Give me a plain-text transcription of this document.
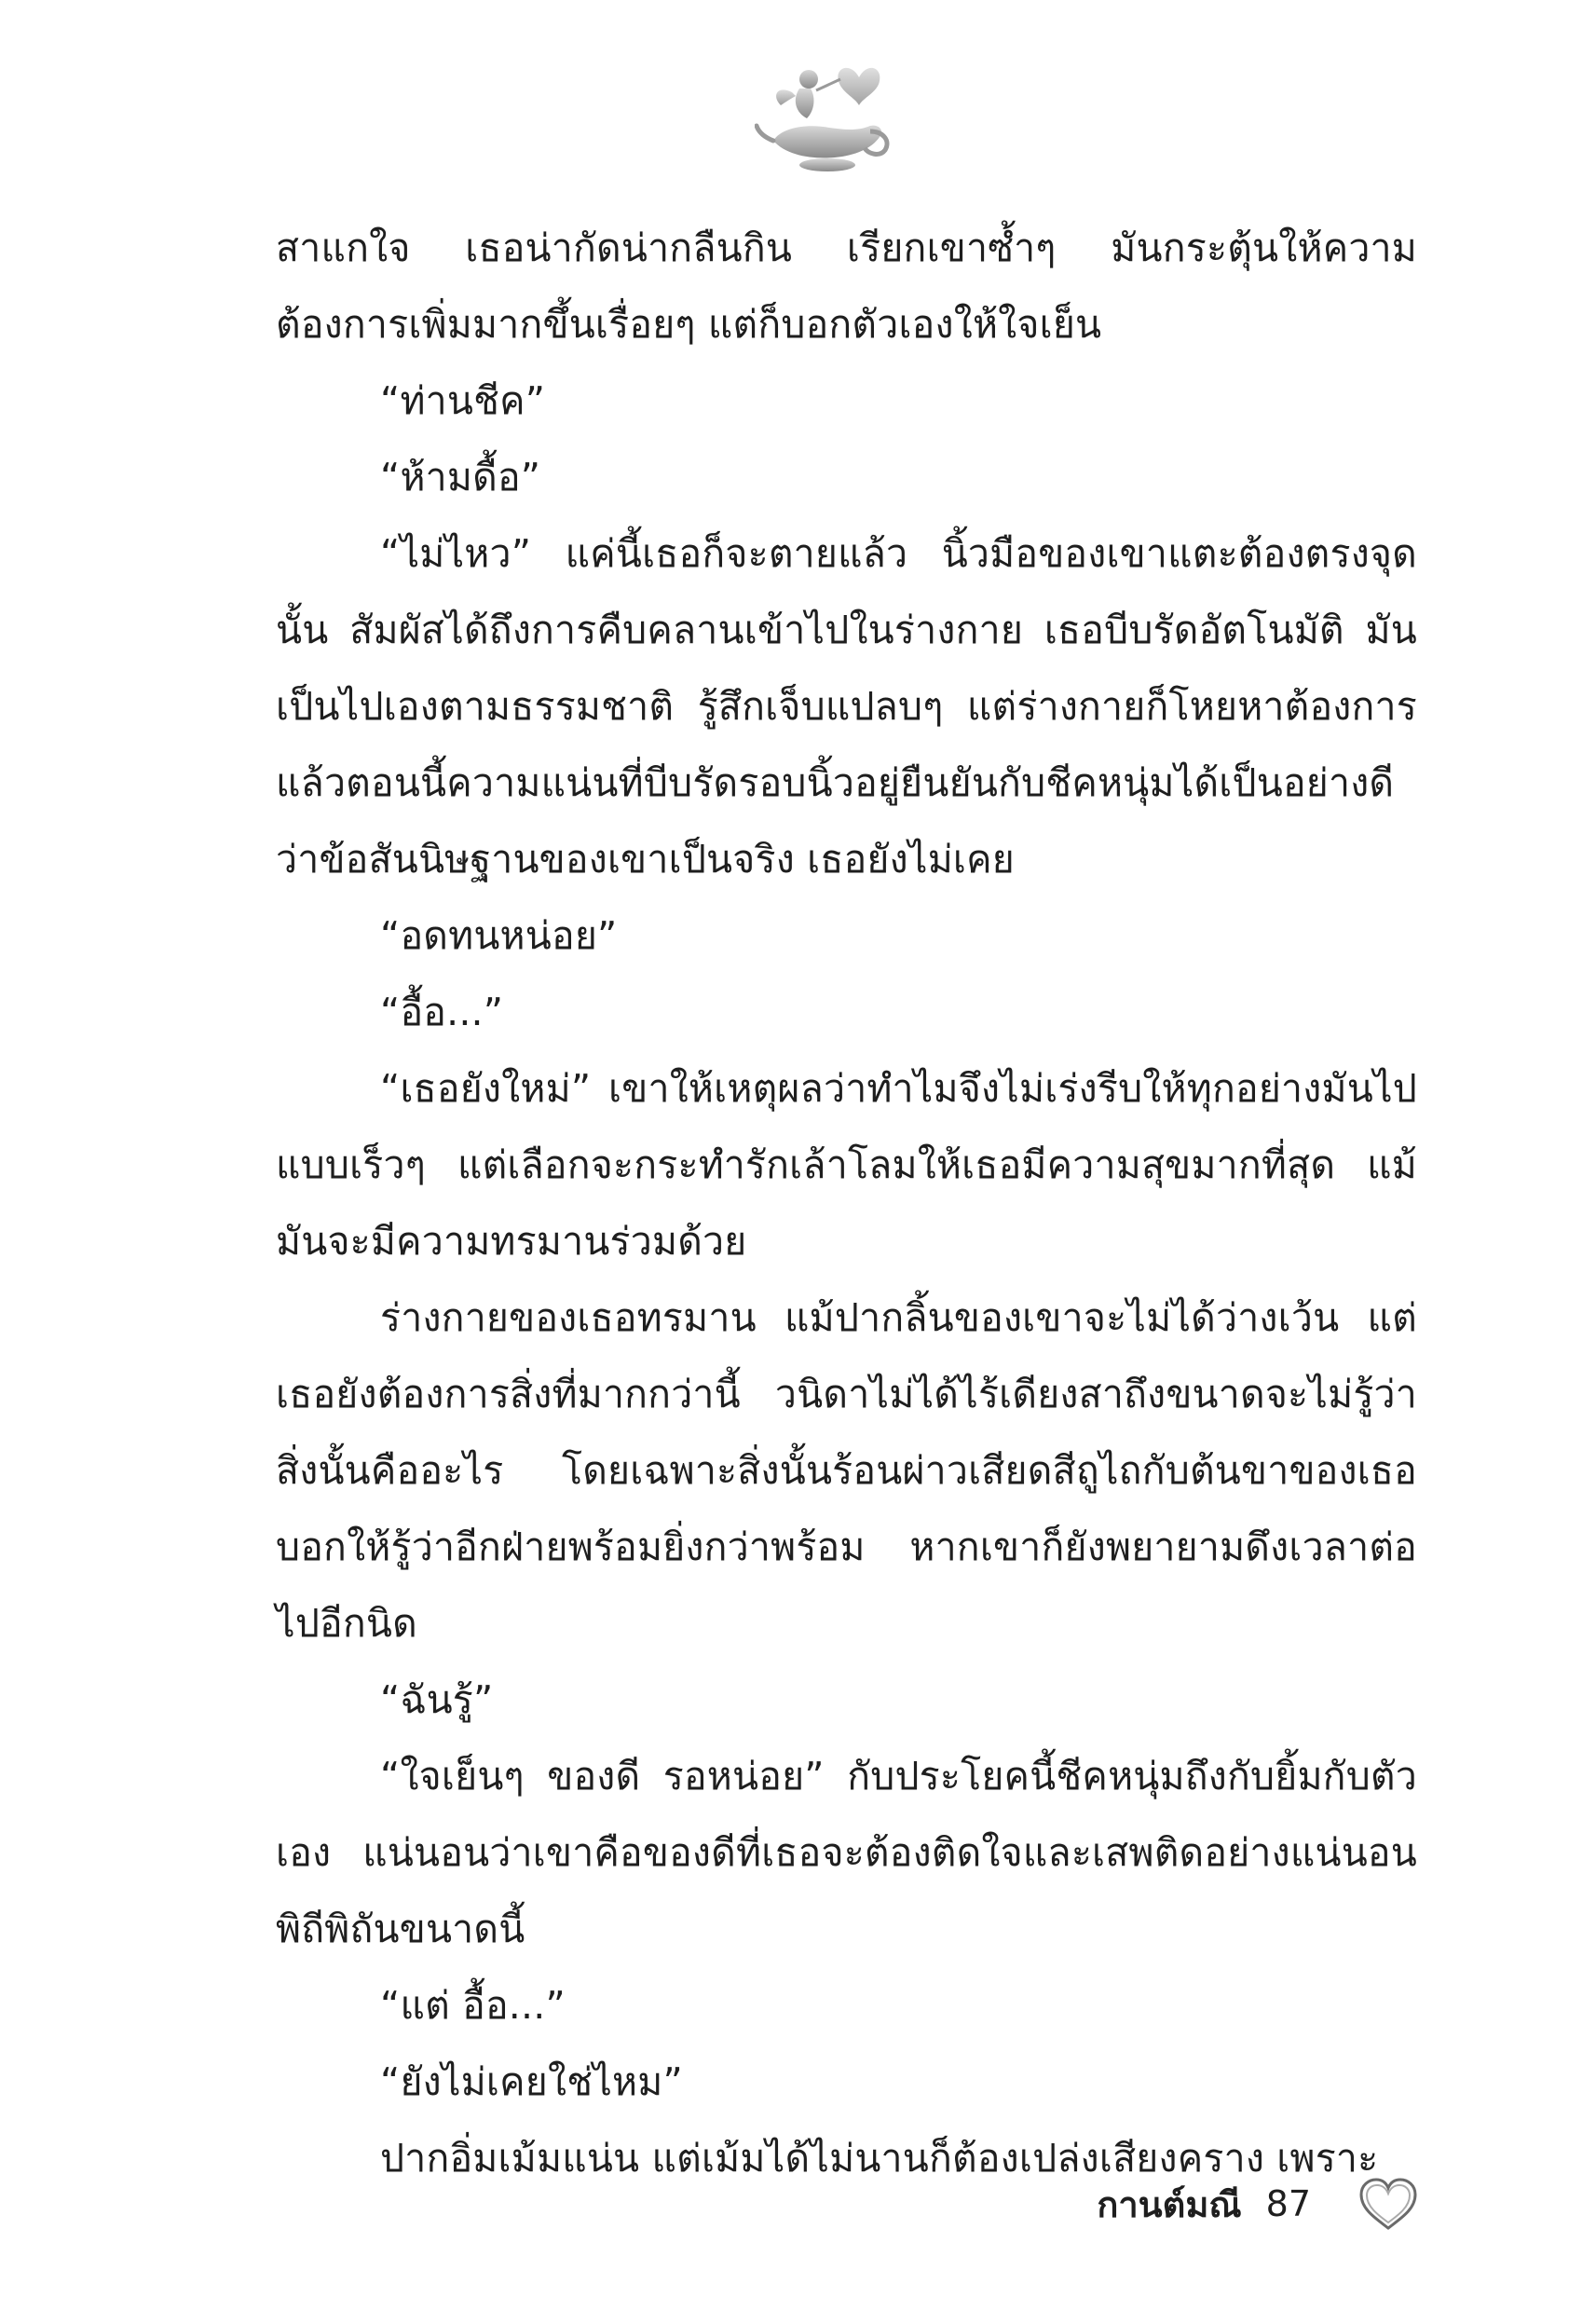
สาแกใจ เธอน่ากัดน่ากลืนกิน เรียกเขาซ้ำๆ มันกระตุ้นให้ความต้องการเพิ่มมากขึ้นเรื่อยๆ แต่ก็บอกตัวเองให้ใจเย็น

“ท่านชีค”

“ห้ามดื้อ”

“ไม่ไหว” แค่นี้เธอก็จะตายแล้ว นิ้วมือของเขาแตะต้องตรงจุดนั้น สัมผัสได้ถึงการคืบคลานเข้าไปในร่างกาย เธอบีบรัดอัตโนมัติ มันเป็นไปเองตามธรรมชาติ รู้สึกเจ็บแปลบๆ แต่ร่างกายก็โหยหาต้องการ แล้วตอนนี้ความแน่นที่บีบรัดรอบนิ้วอยู่ยืนยันกับชีคหนุ่มได้เป็นอย่างดีว่าข้อสันนิษฐานของเขาเป็นจริง เธอยังไม่เคย

“อดทนหน่อย”

“อื้อ...”

“เธอยังใหม่” เขาให้เหตุผลว่าทำไมจึงไม่เร่งรีบให้ทุกอย่างมันไปแบบเร็วๆ แต่เลือกจะกระทำรักเล้าโลมให้เธอมีความสุขมากที่สุด แม้มันจะมีความทรมานร่วมด้วย

ร่างกายของเธอทรมาน แม้ปากลิ้นของเขาจะไม่ได้ว่างเว้น แต่เธอยังต้องการสิ่งที่มากกว่านี้ วนิดาไม่ได้ไร้เดียงสาถึงขนาดจะไม่รู้ว่าสิ่งนั้นคืออะไร โดยเฉพาะสิ่งนั้นร้อนผ่าวเสียดสีถูไถกับต้นขาของเธอบอกให้รู้ว่าอีกฝ่ายพร้อมยิ่งกว่าพร้อม หากเขาก็ยังพยายามดึงเวลาต่อไปอีกนิด

“ฉันรู้”

“ใจเย็นๆ ของดี รอหน่อย” กับประโยคนี้ชีคหนุ่มถึงกับยิ้มกับตัวเอง แน่นอนว่าเขาคือของดีที่เธอจะต้องติดใจและเสพติดอย่างแน่นอนพิถีพิถันขนาดนี้

“แต่ อื้อ...”

“ยังไม่เคยใช่ไหม”

ปากอิ่มเม้มแน่น แต่เม้มได้ไม่นานก็ต้องเปล่งเสียงคราง เพราะ

กานต์มณี 87
